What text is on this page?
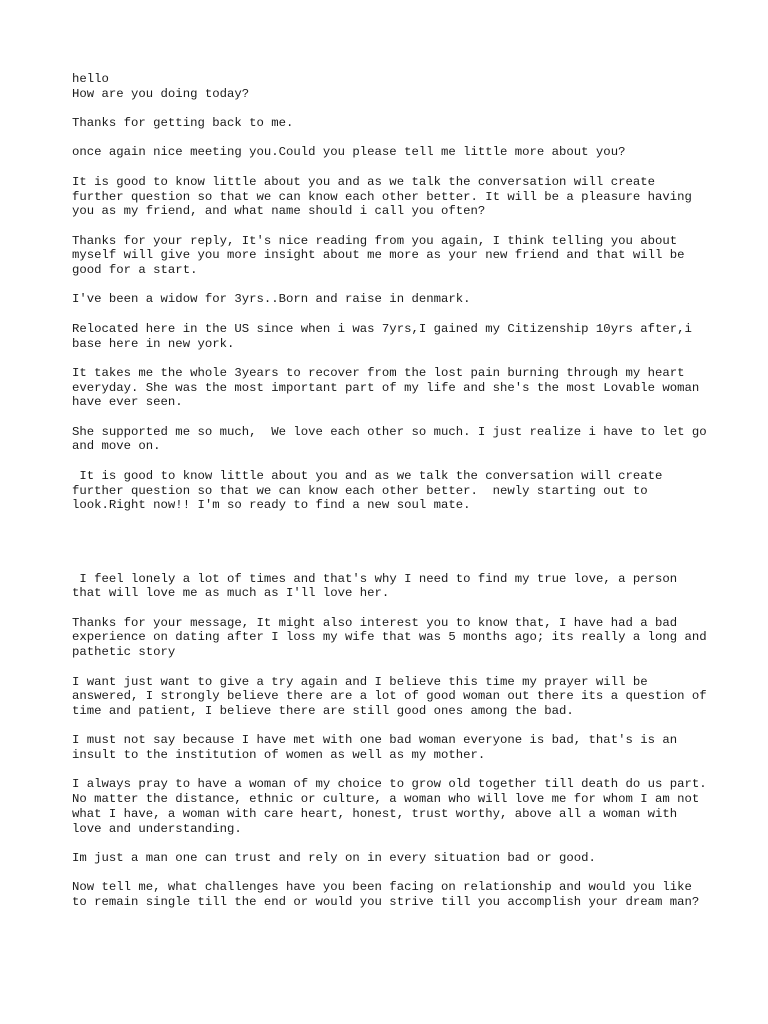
hello

How are you doing today?

Thanks for getting back to me.

once again nice meeting you.Could you please tell me little more about you?

It is good to know little about you and as we talk the conversation will create further question so that we can know each other better. It will be a pleasure having you as my friend, and what name should i call you often?

Thanks for your reply, It's nice reading from you again, I think telling you about myself will give you more insight about me more as your new friend and that will be good for a start.

I've been a widow for 3yrs..Born and raise in denmark.

Relocated here in the US since when i was 7yrs,I gained my Citizenship 10yrs after,i base here in new york.

It takes me the whole 3years to recover from the lost pain burning through my heart everyday. She was the most important part of my life and she's the most Lovable woman have ever seen.

She supported me so much,  We love each other so much. I just realize i have to let go and move on.

It is good to know little about you and as we talk the conversation will create further question so that we can know each other better.  newly starting out to look.Right now!! I'm so ready to find a new soul mate.

I feel lonely a lot of times and that's why I need to find my true love, a person that will love me as much as I'll love her.

Thanks for your message, It might also interest you to know that, I have had a bad experience on dating after I loss my wife that was 5 months ago; its really a long and pathetic story

I want just want to give a try again and I believe this time my prayer will be answered, I strongly believe there are a lot of good woman out there its a question of time and patient, I believe there are still good ones among the bad.

I must not say because I have met with one bad woman everyone is bad, that's is an insult to the institution of women as well as my mother.

I always pray to have a woman of my choice to grow old together till death do us part. No matter the distance, ethnic or culture, a woman who will love me for whom I am not what I have, a woman with care heart, honest, trust worthy, above all a woman with love and understanding.

Im just a man one can trust and rely on in every situation bad or good.

Now tell me, what challenges have you been facing on relationship and would you like to remain single till the end or would you strive till you accomplish your dream man?
